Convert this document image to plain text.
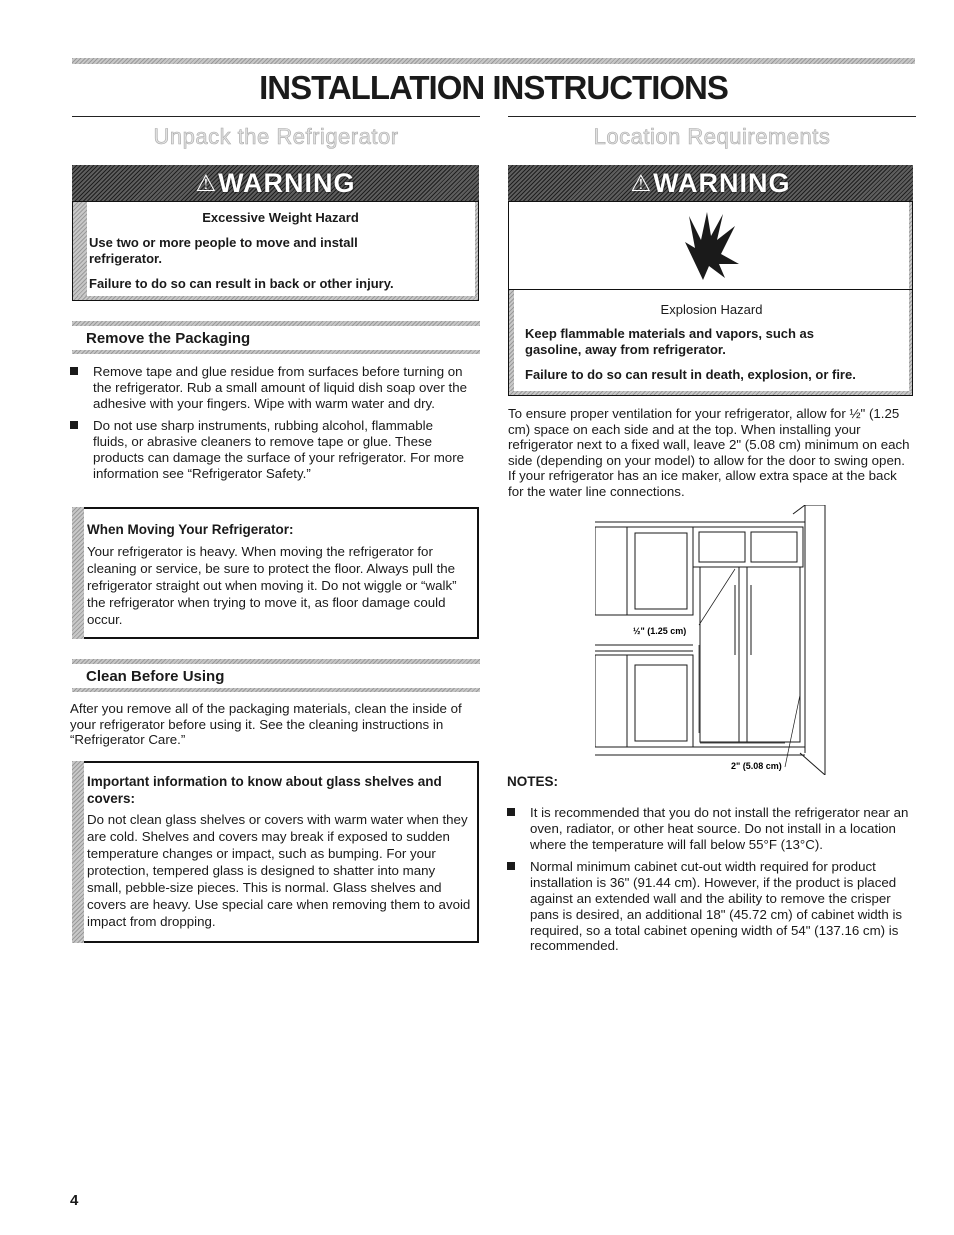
INSTALLATION INSTRUCTIONS
Unpack the Refrigerator
⚠ WARNING

Excessive Weight Hazard

Use two or more people to move and install refrigerator.

Failure to do so can result in back or other injury.

Remove the Packaging
Remove tape and glue residue from surfaces before turning on the refrigerator. Rub a small amount of liquid dish soap over the adhesive with your fingers. Wipe with warm water and dry.
Do not use sharp instruments, rubbing alcohol, flammable fluids, or abrasive cleaners to remove tape or glue. These products can damage the surface of your refrigerator. For more information see “Refrigerator Safety.”

When Moving Your Refrigerator:

Your refrigerator is heavy. When moving the refrigerator for cleaning or service, be sure to protect the floor. Always pull the refrigerator straight out when moving it. Do not wiggle or “walk” the refrigerator when trying to move it, as floor damage could occur.

Clean Before Using

After you remove all of the packaging materials, clean the inside of your refrigerator before using it. See the cleaning instructions in “Refrigerator Care.”

Important information to know about glass shelves and covers:

Do not clean glass shelves or covers with warm water when they are cold. Shelves and covers may break if exposed to sudden temperature changes or impact, such as bumping. For your protection, tempered glass is designed to shatter into many small, pebble-size pieces. This is normal. Glass shelves and covers are heavy. Use special care when removing them to avoid impact from dropping.

Location Requirements
⚠ WARNING

Explosion Hazard

Keep flammable materials and vapors, such as gasoline, away from refrigerator.

Failure to do so can result in death, explosion, or fire.

To ensure proper ventilation for your refrigerator, allow for ½" (1.25 cm) space on each side and at the top. When installing your refrigerator next to a fixed wall, leave 2" (5.08 cm) minimum on each side (depending on your model) to allow for the door to swing open. If your refrigerator has an ice maker, allow extra space at the back for the water line connections.

½" (1.25 cm)
2" (5.08 cm)

NOTES:

It is recommended that you do not install the refrigerator near an oven, radiator, or other heat source. Do not install in a location where the temperature will fall below 55°F (13°C).
Normal minimum cabinet cut-out width required for product installation is 36" (91.44 cm). However, if the product is placed against an extended wall and the ability to remove the crisper pans is desired, an additional 18" (45.72 cm) of cabinet width is required, so a total cabinet opening width of 54" (137.16 cm) is recommended.
4
